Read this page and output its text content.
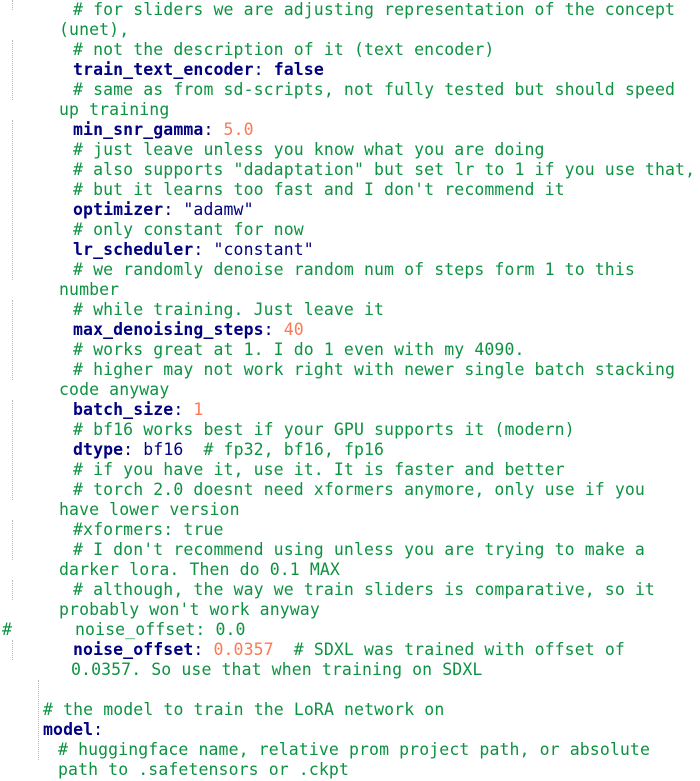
# for sliders we are adjusting representation of the concept
(unet),
# not the description of it (text encoder)
train_text_encoder: false
# same as from sd-scripts, not fully tested but should speed
up training
min_snr_gamma: 5.0
# just leave unless you know what you are doing
# also supports "dadaptation" but set lr to 1 if you use that,
# but it learns too fast and I don't recommend it
optimizer: "adamw"
# only constant for now
lr_scheduler: "constant"
# we randomly denoise random num of steps form 1 to this
number
# while training. Just leave it
max_denoising_steps: 40
# works great at 1. I do 1 even with my 4090.
# higher may not work right with newer single batch stacking
code anyway
batch_size: 1
# bf16 works best if your GPU supports it (modern)
dtype: bf16 # fp32, bf16, fp16
# if you have it, use it. It is faster and better
# torch 2.0 doesnt need xformers anymore, only use if you
have lower version
#xformers: true
# I don't recommend using unless you are trying to make a
darker lora. Then do 0.1 MAX
# although, the way we train sliders is comparative, so it
probably won't work anyway
#	noise_offset: 0.0
noise_offset: 0.0357 # SDXL was trained with offset of
0.0357. So use that when training on SDXL
# the model to train the LoRA network on
model:
# huggingface name, relative prom project path, or absolute
path to .safetensors or .ckpt
